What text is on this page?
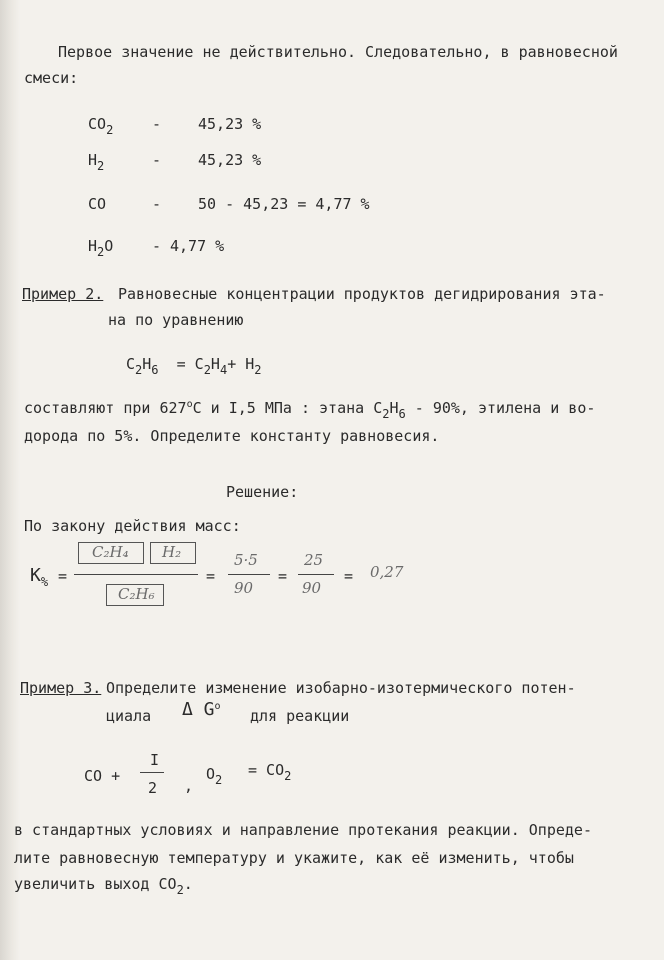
Первое значение не действительно. Следовательно, в равновесной
смеси:
$CO_2$	- 45,23 %
$H_2$	- 45,23 %
CO	- 50 - 45,23 = 4,77 %
$H_2O$	- 4,77 %
Пример 2. Равновесные концентрации продуктов дегидрирования эта-
на по уравнению
$C_2H_6 = C_2H_4+ H_2$
составляют при $627^оС$ и I,5 МПа : этана $C_2H_6 - 90\%$, этилена и во-
дорода по 5%. Определите константу равновесия.
Решение:
По закону действия масс:
$K_{\%}$ =
C₂H₄ H₂
C₂H₆
=
5·5
90
=
25
90
= 0,27
Пример 3. Определите изменение изобарно-изотермического потен-
циала Δ $G^o$
для реакции
CO +
I
2 ,
$O_2$
= $CO_2$
в стандартных условиях и направление протекания реакции. Опреде-
лите равновесную температуру и укажите, как её изменить, чтобы
увеличить выход $CO_2$.
